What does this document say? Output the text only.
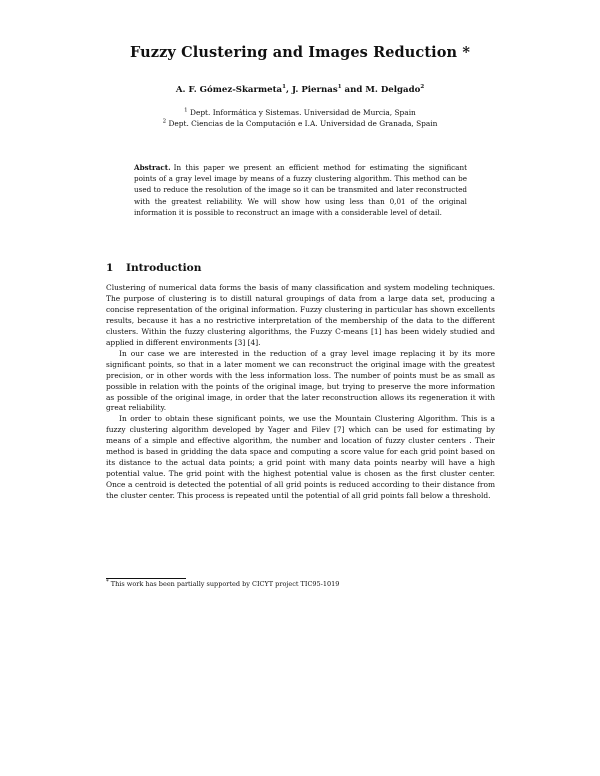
Fuzzy Clustering and Images Reduction *
A. F. Gómez-Skarmeta$^1$, J. Piernas$^1$ and M. Delgado$^2$
$^1$ Dept. Informática y Sistemas. Universidad de Murcia, Spain
$^2$ Dept. Ciencias de la Computación e I.A. Universidad de Granada, Spain

Abstract. In this paper we present an efficient method for estimating the significant points of a gray level image by means of a fuzzy clustering algorithm. This method can be used to reduce the resolution of the image so it can be transmited and later reconstructed with the greatest reliability. We will show how using less than 0,01 of the original information it is possible to reconstruct an image with a considerable level of detail.

1 Introduction

Clustering of numerical data forms the basis of many classification and system modeling techniques. The purpose of clustering is to distill natural groupings of data from a large data set, producing a concise representation of the original information. Fuzzy clustering in particular has shown excellents results, because it has a no restrictive interpretation of the membership of the data to the different clusters. Within the fuzzy clustering algorithms, the Fuzzy C-means [1] has been widely studied and applied in different environments [3] [4].

In our case we are interested in the reduction of a gray level image replacing it by its more significant points, so that in a later moment we can reconstruct the original image with the greatest precision, or in other words with the less information loss. The number of points must be as small as possible in relation with the points of the original image, but trying to preserve the more information as possible of the original image, in order that the later reconstruction allows its regeneration it with great reliability.

In order to obtain these significant points, we use the Mountain Clustering Algorithm. This is a fuzzy clustering algorithm developed by Yager and Filev [7] which can be used for estimating by means of a simple and effective algorithm, the number and location of fuzzy cluster centers . Their method is based in gridding the data space and computing a score value for each grid point based on its distance to the actual data points; a grid point with many data points nearby will have a high potential value. The grid point with the highest potential value is chosen as the first cluster center. Once a centroid is detected the potential of all grid points is reduced according to their distance from the cluster center. This process is repeated until the potential of all grid points fall below a threshold.

* This work has been partially supported by CICYT project TIC95-1019
